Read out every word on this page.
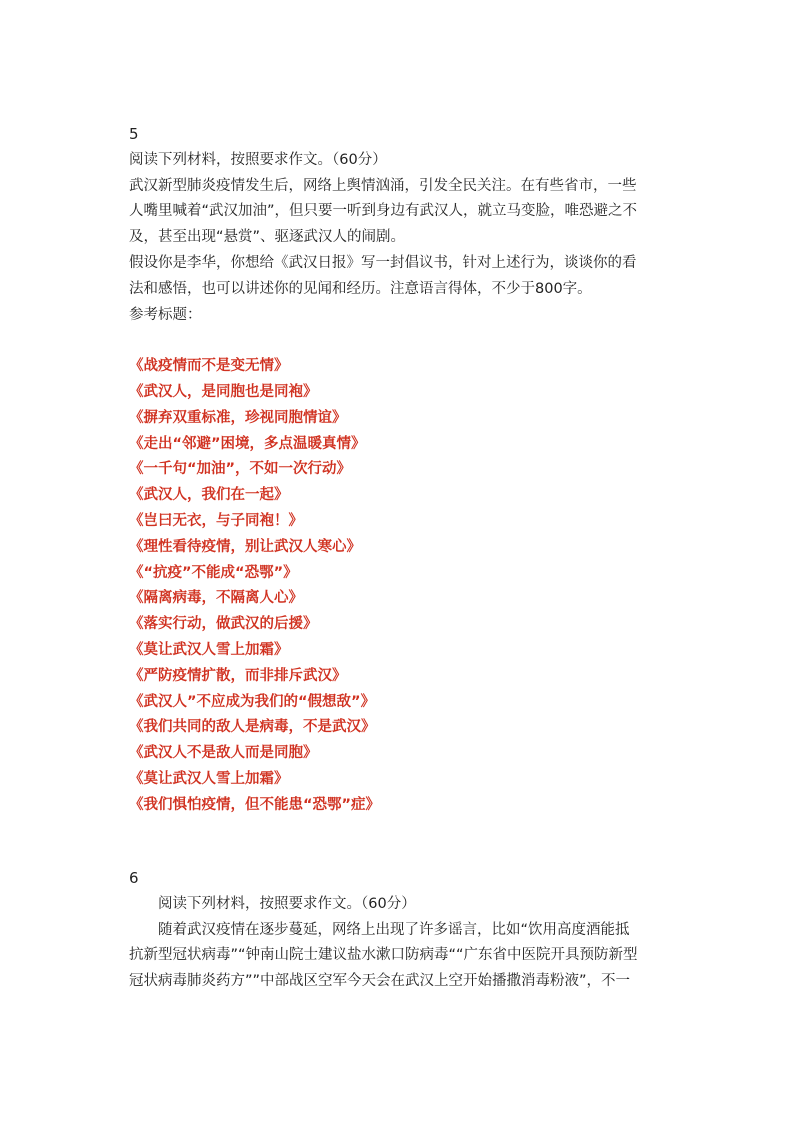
5
阅读下列材料，按照要求作文。（60分）
武汉新型肺炎疫情发生后，网络上舆情汹涌，引发全民关注。在有些省市，一些
人嘴里喊着“武汉加油”，但只要一听到身边有武汉人，就立马变脸，唯恐避之不
及，甚至出现“悬赏”、驱逐武汉人的闹剧。
假设你是李华，你想给《武汉日报》写一封倡议书，针对上述行为，谈谈你的看
法和感悟，也可以讲述你的见闻和经历。注意语言得体，不少于800字。
参考标题：
《战疫情而不是变无情》
《武汉人，是同胞也是同袍》
《摒弃双重标准，珍视同胞情谊》
《走出“邻避”困境，多点温暖真情》
《一千句“加油”，不如一次行动》
《武汉人，我们在一起》
《岂曰无衣，与子同袍！》
《理性看待疫情，别让武汉人寒心》
《“抗疫”不能成“恐鄂”》
《隔离病毒，不隔离人心》
《落实行动，做武汉的后援》
《莫让武汉人雪上加霜》
《严防疫情扩散，而非排斥武汉》
《武汉人”不应成为我们的“假想敌”》
《我们共同的敌人是病毒，不是武汉》
《武汉人不是敌人而是同胞》
《莫让武汉人雪上加霜》
《我们惧怕疫情，但不能患“恐鄂”症》
6
阅读下列材料，按照要求作文。（60分）
随着武汉疫情在逐步蔓延，网络上出现了许多谣言，比如“饮用高度酒能抵
抗新型冠状病毒”“钟南山院士建议盐水漱口防病毒““广东省中医院开具预防新型
冠状病毒肺炎药方””中部战区空军今天会在武汉上空开始播撒消毒粉液”，不一
